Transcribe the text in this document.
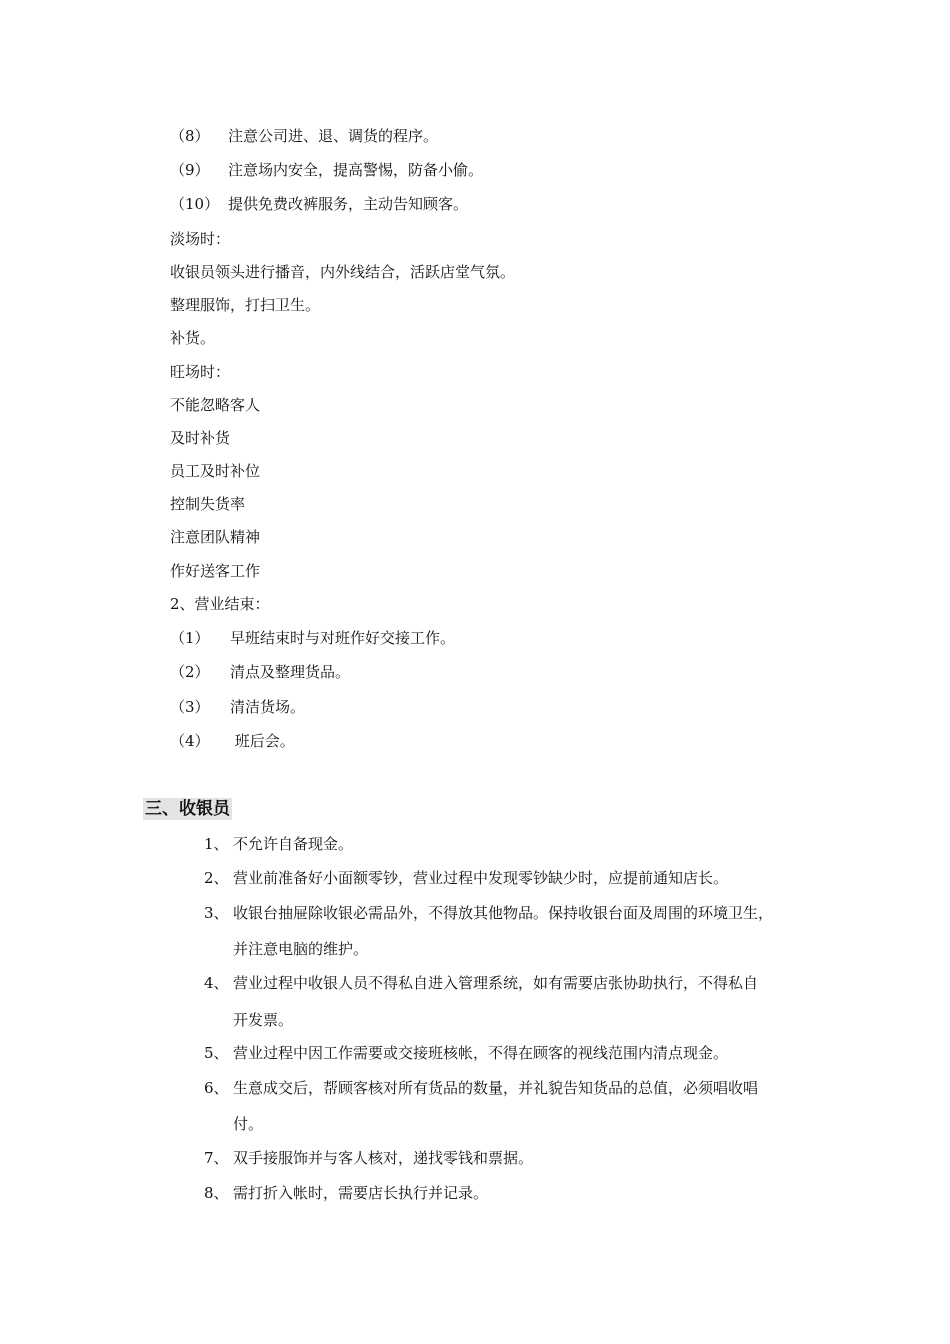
（8） 注意公司进、退、调货的程序。
（9） 注意场内安全，提高警惕，防备小偷。
（10） 提供免费改裤服务，主动告知顾客。
淡场时：
收银员领头进行播音，内外线结合，活跃店堂气氛。
整理服饰，打扫卫生。
补货。
旺场时：
不能忽略客人
及时补货
员工及时补位
控制失货率
注意团队精神
作好送客工作
2、营业结束：
（1） 早班结束时与对班作好交接工作。
（2） 清点及整理货品。
（3） 清洁货场。
（4） 班后会。
三、收银员
1、 不允许自备现金。
2、 营业前准备好小面额零钞，营业过程中发现零钞缺少时，应提前通知店长。
3、 收银台抽屉除收银必需品外，不得放其他物品。保持收银台面及周围的环境卫生，
并注意电脑的维护。
4、 营业过程中收银人员不得私自进入管理系统，如有需要店张协助执行，不得私自
开发票。
5、 营业过程中因工作需要或交接班核帐，不得在顾客的视线范围内清点现金。
6、 生意成交后，帮顾客核对所有货品的数量，并礼貌告知货品的总值，必须唱收唱
付。
7、 双手接服饰并与客人核对，递找零钱和票据。
8、 需打折入帐时，需要店长执行并记录。
